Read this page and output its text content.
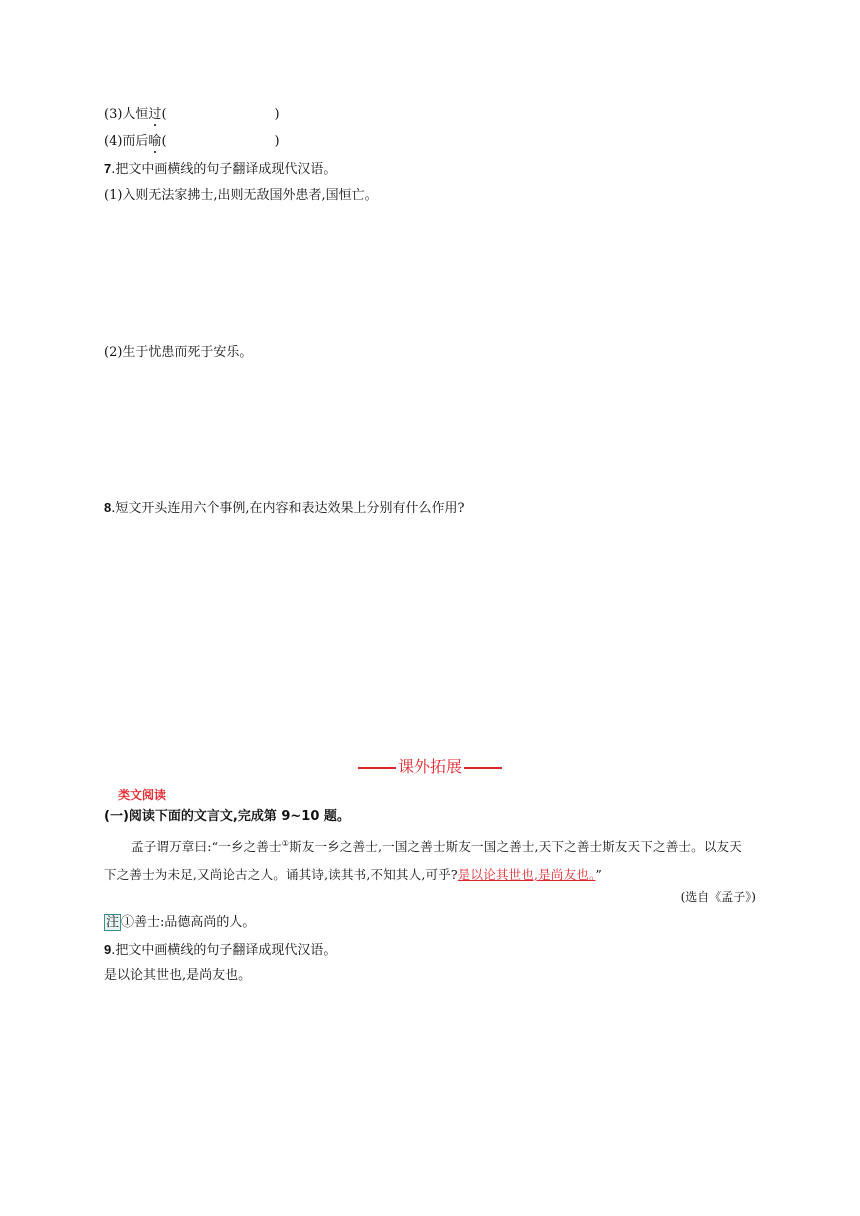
(3)人恒过(	)
(4)而后喻(	)
7.把文中画横线的句子翻译成现代汉语。
(1)入则无法家拂士,出则无敌国外患者,国恒亡。
(2)生于忧患而死于安乐。
8.短文开头连用六个事例,在内容和表达效果上分别有什么作用?
课外拓展
类文阅读
(一)阅读下面的文言文,完成第 9~10 题。

孟子谓万章曰:“一乡之善士①斯友一乡之善士,一国之善士斯友一国之善士,天下之善士斯友天下之善士。以友天

下之善士为未足,又尚论古之人。诵其诗,读其书,不知其人,可乎?是以论其世也,是尚友也。”

(选自《孟子》)
注 ①善士:品德高尚的人。
9.把文中画横线的句子翻译成现代汉语。
是以论其世也,是尚友也。
